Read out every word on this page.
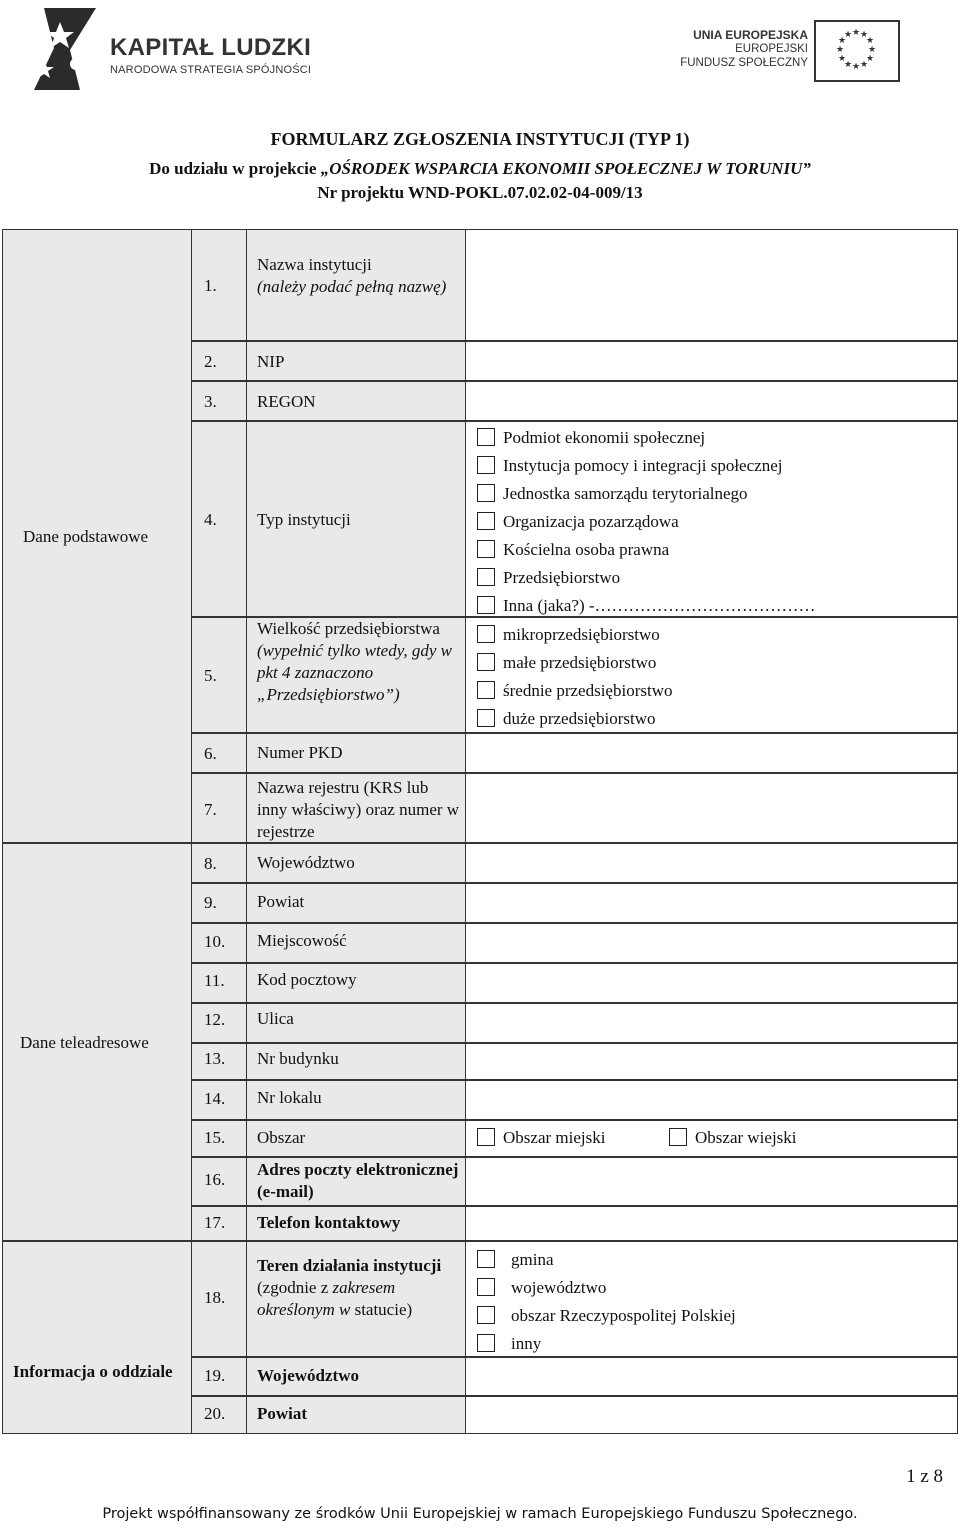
KAPITAŁ LUDZKI
NARODOWA STRATEGIA SPÓJNOŚCI
UNIA EUROPEJSKA
EUROPEJSKI
FUNDUSZ SPOŁECZNY
★ ★
★
★
★
★
★
★
★
★
★
★
FORMULARZ ZGŁOSZENIA INSTYTUCJI (TYP 1)
Do udziału w projekcie „OŚRODEK WSPARCIA EKONOMII SPOŁECZNEJ W TORUNIU”
Nr projektu WND-POKL.07.02.02-04-009/13
Dane podstawowe
Dane teleadresowe
Informacja o oddziale
1.
2.
3.
4.
5.
6.
7.
8.
9.
10.
11.
12.
13.
14.
15.
16.
17.
18.
19.
20.
Nazwa instytucji
(należy podać pełną nazwę)
NIP
REGON
Typ instytucji
Wielkość przedsiębiorstwa
(wypełnić tylko wtedy, gdy w pkt 4 zaznaczono „Przedsiębiorstwo”)
Numer PKD
Nazwa rejestru (KRS lub inny właściwy) oraz numer w rejestrze
Województwo
Powiat
Miejscowość
Kod pocztowy
Ulica
Nr budynku
Nr lokalu
Obszar
Adres poczty elektronicznej (e-mail)
Telefon kontaktowy
Teren działania instytucji (zgodnie z zakresem określonym w statucie)
Województwo
Powiat
Podmiot ekonomii społecznej
Instytucja pomocy i integracji społecznej
Jednostka samorządu terytorialnego
Organizacja pozarządowa
Kościelna osoba prawna
Przedsiębiorstwo
Inna (jaka?) -…………………………………
mikroprzedsiębiorstwo
małe przedsiębiorstwo
średnie przedsiębiorstwo
duże przedsiębiorstwo
Obszar miejski	Obszar wiejski
gmina
województwo
obszar Rzeczypospolitej Polskiej
inny
1 z 8
Projekt współfinansowany ze środków Unii Europejskiej w ramach Europejskiego Funduszu Społecznego.
